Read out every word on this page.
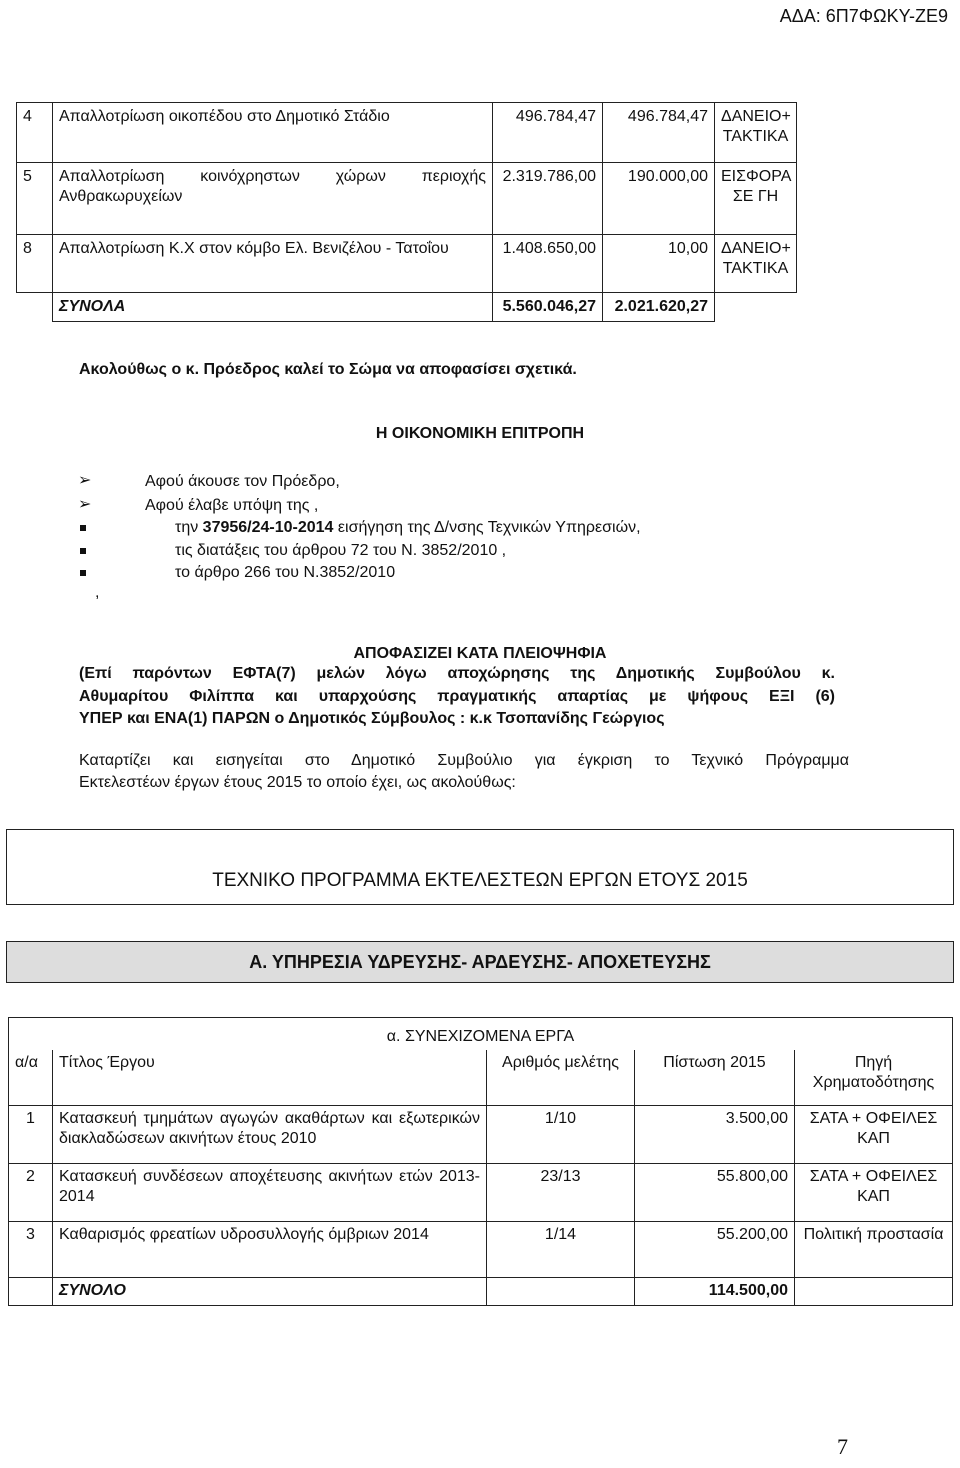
ΑΔΑ: 6Π7ΦΩΚΥ-ΖΕ9
4	Απαλλοτρίωση οικοπέδου στο Δημοτικό Στάδιο	496.784,47	496.784,47	ΔΑΝΕΙΟ+ ΤΑΚΤΙΚΑ
5	Απαλλοτρίωση κοινόχρηστων χώρων περιοχής Ανθρακωρυχείων	2.319.786,00	190.000,00	ΕΙΣΦΟΡΑ ΣΕ ΓΗ
8	Απαλλοτρίωση Κ.Χ στον κόμβο Ελ. Βενιζέλου - Τατοΐου	1.408.650,00	10,00	ΔΑΝΕΙΟ+ ΤΑΚΤΙΚΑ
	ΣΥΝΟΛΑ	5.560.046,27	2.021.620,27	
Ακολούθως ο κ. Πρόεδρος καλεί το Σώμα να αποφασίσει σχετικά.
Η ΟΙΚΟΝΟΜΙΚΗ ΕΠΙΤΡΟΠΗ
➢	Αφού άκουσε τον Πρόεδρο,
➢	Αφού έλαβε υπόψη της ,
την 37956/24-10-2014 εισήγηση της Δ/νσης Τεχνικών Υπηρεσιών,
τις διατάξεις του άρθρου 72 του Ν. 3852/2010 ,
το άρθρο 266 του Ν.3852/2010
,
ΑΠΟΦΑΣΙΖΕΙ ΚΑΤΑ ΠΛΕΙΟΨΗΦΙΑ
(Επί παρόντων ΕΦΤΑ(7) μελών λόγω αποχώρησης της Δημοτικής Συμβούλου κ.
Αθυμαρίτου Φιλίππα και υπαρχούσης πραγματικής απαρτίας με ψήφους ΕΞΙ (6)
ΥΠΕΡ και ΕΝΑ(1) ΠΑΡΩΝ ο Δημοτικός Σύμβουλος : κ.κ Τσοπανίδης Γεώργιος
Καταρτίζει και εισηγείται στο Δημοτικό Συμβούλιο για έγκριση το Τεχνικό Πρόγραμμα
Εκτελεστέων έργων έτους 2015 το οποίο έχει, ως ακολούθως:
ΤΕΧΝΙΚΟ ΠΡΟΓΡΑΜΜΑ ΕΚΤΕΛΕΣΤΕΩΝ ΕΡΓΩΝ ΕΤΟΥΣ 2015
Α. ΥΠΗΡΕΣΙΑ ΥΔΡΕΥΣΗΣ- ΑΡΔΕΥΣΗΣ- ΑΠΟΧΕΤΕΥΣΗΣ
α. ΣΥΝΕΧΙΖΟΜΕΝΑ ΕΡΓΑ				
α/α	Τίτλος Έργου	Αριθμός μελέτης	Πίστωση 2015	Πηγή Χρηματοδότησης
1	Κατασκευή τμημάτων αγωγών ακαθάρτων και εξωτερικών διακλαδώσεων ακινήτων έτους 2010	1/10	3.500,00	ΣΑΤΑ + ΟΦΕΙΛΕΣ ΚΑΠ
2	Κατασκευή συνδέσεων αποχέτευσης ακινήτων ετών 2013-2014	23/13	55.800,00	ΣΑΤΑ + ΟΦΕΙΛΕΣ ΚΑΠ
3	Καθαρισμός φρεατίων υδροσυλλογής όμβριων 2014	1/14	55.200,00	Πολιτική προστασία
	ΣΥΝΟΛΟ		114.500,00	
7
